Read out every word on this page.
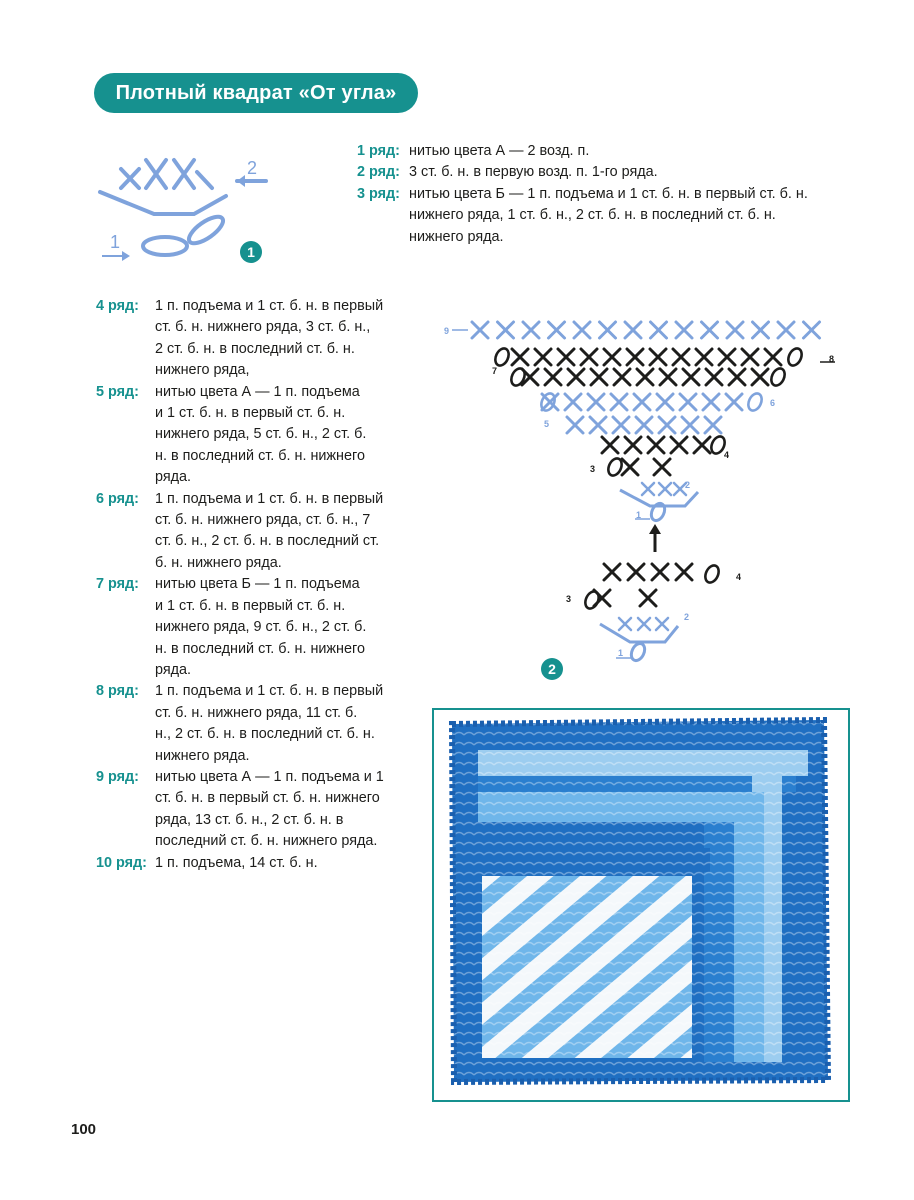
Плотный квадрат «От угла»
1 ряд: нитью цвета А — 2 возд. п.
2 ряд: 3 ст. б. н. в первую возд. п. 1-го ряда.
3 ряд: нитью цвета Б — 1 п. подъема и 1 ст. б. н. в первый ст. б. н.
нижнего ряда, 1 ст. б. н., 2 ст. б. н. в последний ст. б. н.
нижнего ряда.
4 ряд:	1 п. подъема и 1 ст. б. н. в первый
ст. б. н. нижнего ряда, 3 ст. б. н.,
2 ст. б. н. в последний ст. б. н.
нижнего ряда,
5 ряд:	нитью цвета А — 1 п. подъема
и 1 ст. б. н. в первый ст. б. н.
нижнего ряда, 5 ст. б. н., 2 ст. б.
н. в последний ст. б. н. нижнего
ряда.
6 ряд:	1 п. подъема и 1 ст. б. н. в первый
ст. б. н. нижнего ряда, ст. б. н., 7
ст. б. н., 2 ст. б. н. в последний ст.
б. н. нижнего ряда.
7 ряд:	нитью цвета Б — 1 п. подъема
и 1 ст. б. н. в первый ст. б. н.
нижнего ряда, 9 ст. б. н., 2 ст. б.
н. в последний ст. б. н. нижнего
ряда.
8 ряд:	1 п. подъема и 1 ст. б. н. в первый
ст. б. н. нижнего ряда, 11 ст. б.
н., 2 ст. б. н. в последний ст. б. н.
нижнего ряда.
9 ряд:	нитью цвета А — 1 п. подъема и 1
ст. б. н. в первый ст. б. н. нижнего
ряда, 13 ст. б. н., 2 ст. б. н. в
последний ст. б. н. нижнего ряда.
10 ряд: 1 п. подъема, 14 ст. б. н.
2
1	1
9
8
7
6
5
4
3
2
1
4
3
2
1
2
100
